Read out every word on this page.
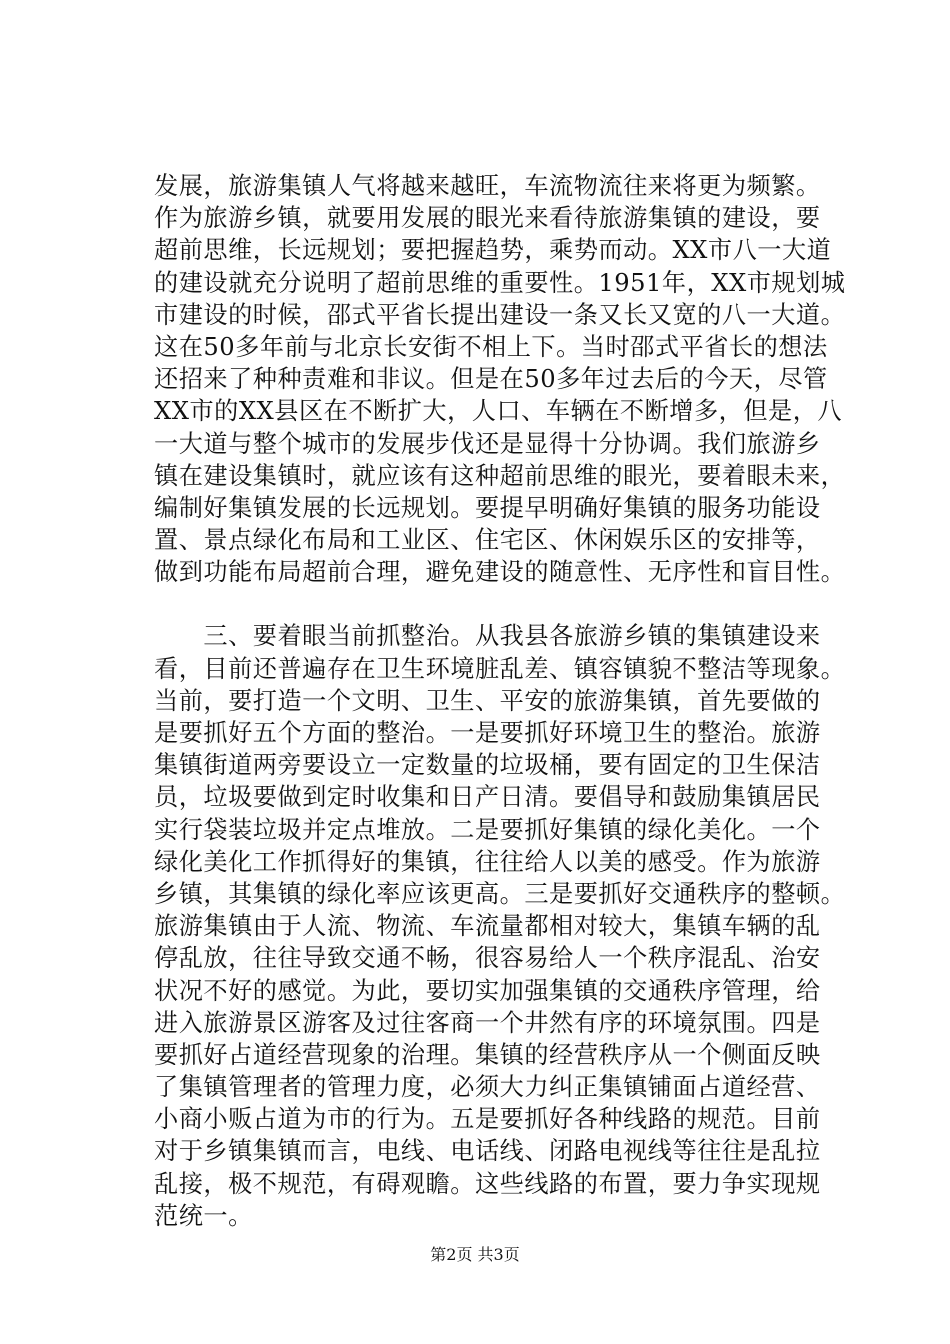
发展，旅游集镇人气将越来越旺，车流物流往来将更为频繁。
作为旅游乡镇，就要用发展的眼光来看待旅游集镇的建设，要
超前思维，长远规划；要把握趋势，乘势而动。XX市八一大道
的建设就充分说明了超前思维的重要性。1951年，XX市规划城
市建设的时候，邵式平省长提出建设一条又长又宽的八一大道。
这在50多年前与北京长安街不相上下。当时邵式平省长的想法
还招来了种种责难和非议。但是在50多年过去后的今天，尽管
XX市的XX县区在不断扩大，人口、车辆在不断增多，但是，八
一大道与整个城市的发展步伐还是显得十分协调。我们旅游乡
镇在建设集镇时，就应该有这种超前思维的眼光，要着眼未来，
编制好集镇发展的长远规划。要提早明确好集镇的服务功能设
置、景点绿化布局和工业区、住宅区、休闲娱乐区的安排等，
做到功能布局超前合理，避免建设的随意性、无序性和盲目性。
　　三、要着眼当前抓整治。从我县各旅游乡镇的集镇建设来
看，目前还普遍存在卫生环境脏乱差、镇容镇貌不整洁等现象。
当前，要打造一个文明、卫生、平安的旅游集镇，首先要做的
是要抓好五个方面的整治。一是要抓好环境卫生的整治。旅游
集镇街道两旁要设立一定数量的垃圾桶，要有固定的卫生保洁
员，垃圾要做到定时收集和日产日清。要倡导和鼓励集镇居民
实行袋装垃圾并定点堆放。二是要抓好集镇的绿化美化。一个
绿化美化工作抓得好的集镇，往往给人以美的感受。作为旅游
乡镇，其集镇的绿化率应该更高。三是要抓好交通秩序的整顿。
旅游集镇由于人流、物流、车流量都相对较大，集镇车辆的乱
停乱放，往往导致交通不畅，很容易给人一个秩序混乱、治安
状况不好的感觉。为此，要切实加强集镇的交通秩序管理，给
进入旅游景区游客及过往客商一个井然有序的环境氛围。四是
要抓好占道经营现象的治理。集镇的经营秩序从一个侧面反映
了集镇管理者的管理力度，必须大力纠正集镇铺面占道经营、
小商小贩占道为市的行为。五是要抓好各种线路的规范。目前
对于乡镇集镇而言，电线、电话线、闭路电视线等往往是乱拉
乱接，极不规范，有碍观瞻。这些线路的布置，要力争实现规
范统一。
第2页 共3页
